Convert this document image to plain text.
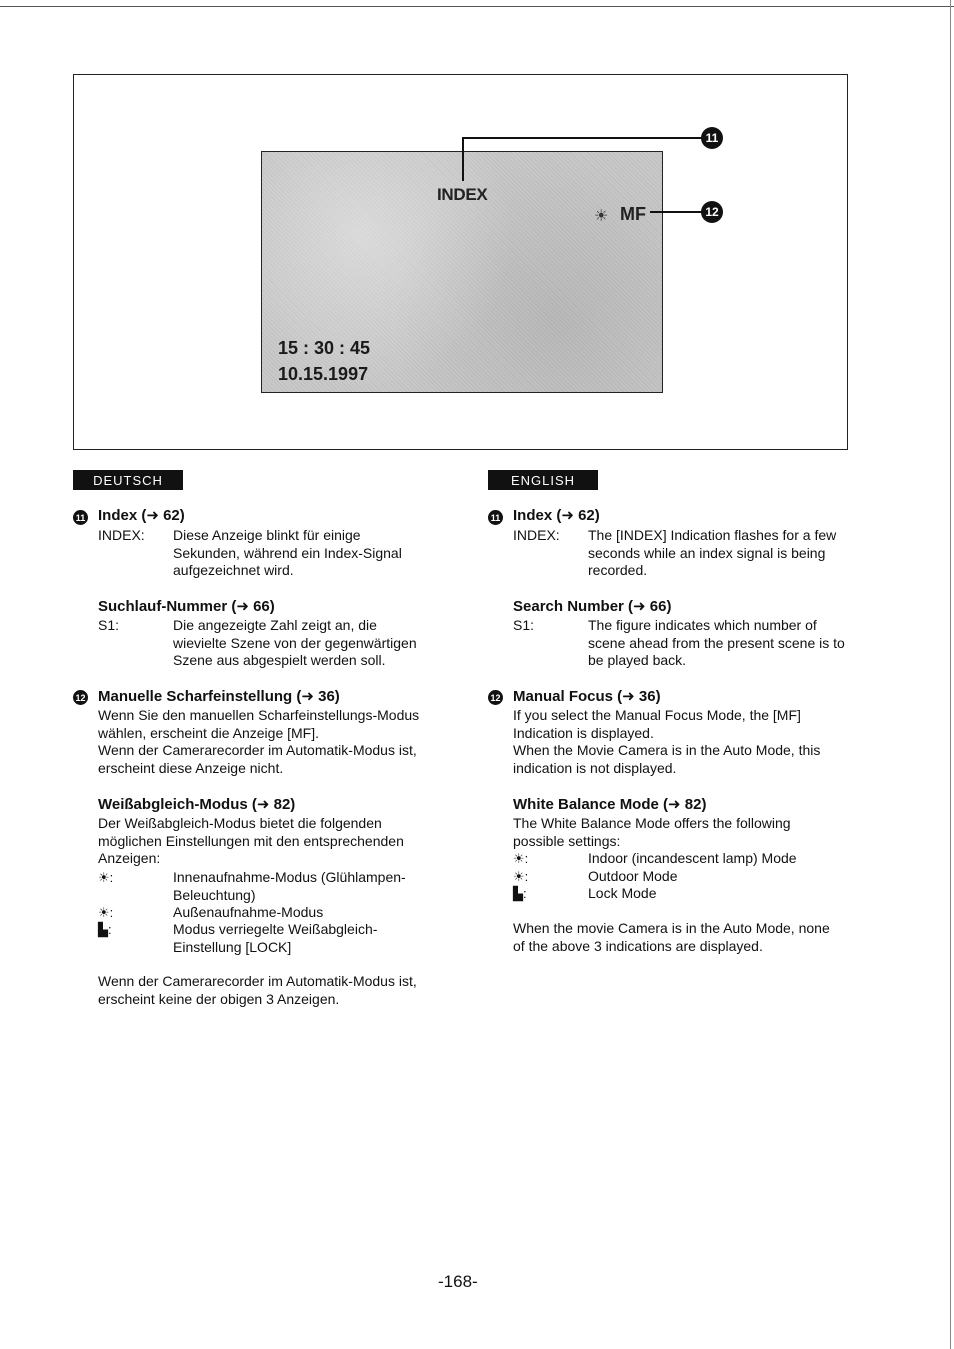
INDEX
☀ MF
15 : 30 : 45
10.15.1997
11
12
DEUTSCH
11 Index (➜ 62)
INDEX: Diese Anzeige blinkt für einige
Sekunden, während ein Index-Signal
aufgezeichnet wird.
Suchlauf-Nummer (➜ 66)
S1:	Die angezeigte Zahl zeigt an, die
wievielte Szene von der gegenwärtigen
Szene aus abgespielt werden soll.
12 Manuelle Scharfeinstellung (➜ 36)
Wenn Sie den manuellen Scharfeinstellungs-Modus
wählen, erscheint die Anzeige [MF].
Wenn der Camerarecorder im Automatik-Modus ist,
erscheint diese Anzeige nicht.
Weißabgleich-Modus (➜ 82)
Der Weißabgleich-Modus bietet die folgenden
möglichen Einstellungen mit den entsprechenden
Anzeigen:
☀:	Innenaufnahme-Modus (Glühlampen-
Beleuchtung)
☀:	Außenaufnahme-Modus
▙:	Modus verriegelte Weißabgleich-
Einstellung [LOCK]
Wenn der Camerarecorder im Automatik-Modus ist,
erscheint keine der obigen 3 Anzeigen.
ENGLISH
11 Index (➜ 62)
INDEX: The [INDEX] Indication flashes for a few
seconds while an index signal is being
recorded.
Search Number (➜ 66)
S1:	The figure indicates which number of
scene ahead from the present scene is to
be played back.
12 Manual Focus (➜ 36)
If you select the Manual Focus Mode, the [MF]
Indication is displayed.
When the Movie Camera is in the Auto Mode, this
indication is not displayed.
White Balance Mode (➜ 82)
The White Balance Mode offers the following
possible settings:
☀:	Indoor (incandescent lamp) Mode
☀:	Outdoor Mode
▙:	Lock Mode
When the movie Camera is in the Auto Mode, none
of the above 3 indications are displayed.
-168-
